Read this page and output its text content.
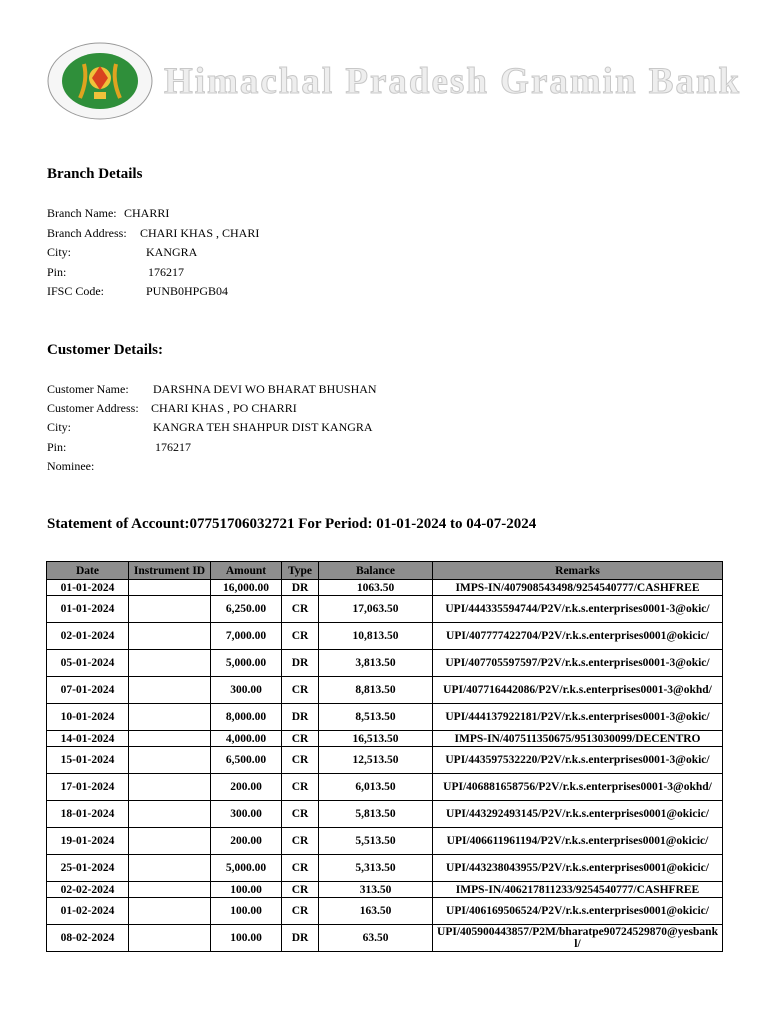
Himachal Pradesh Gramin Bank
Branch Details
Branch Name: CHARRI
Branch Address: CHARI KHAS , CHARI
City:	KANGRA
Pin:	176217
IFSC Code:	PUNB0HPGB04
Customer Details:
Customer Name: DARSHNA DEVI WO BHARAT BHUSHAN
Customer Address: CHARI KHAS , PO CHARRI
City:	KANGRA TEH SHAHPUR DIST KANGRA
Pin:	176217
Nominee:
Statement of Account:07751706032721 For Period: 01-01-2024 to 04-07-2024
Date	Instrument ID	Amount	Type	Balance	Remarks
01-01-2024		16,000.00	DR	1063.50	IMPS-IN/407908543498/9254540777/CASHFREE
01-01-2024		6,250.00	CR	17,063.50	UPI/444335594744/P2V/r.k.s.enterprises0001-3@okic/
02-01-2024		7,000.00	CR	10,813.50	UPI/407777422704/P2V/r.k.s.enterprises0001@okicic/
05-01-2024		5,000.00	DR	3,813.50	UPI/407705597597/P2V/r.k.s.enterprises0001-3@okic/
07-01-2024		300.00	CR	8,813.50	UPI/407716442086/P2V/r.k.s.enterprises0001-3@okhd/
10-01-2024		8,000.00	DR	8,513.50	UPI/444137922181/P2V/r.k.s.enterprises0001-3@okic/
14-01-2024		4,000.00	CR	16,513.50	IMPS-IN/407511350675/9513030099/DECENTRO
15-01-2024		6,500.00	CR	12,513.50	UPI/443597532220/P2V/r.k.s.enterprises0001-3@okic/
17-01-2024		200.00	CR	6,013.50	UPI/406881658756/P2V/r.k.s.enterprises0001-3@okhd/
18-01-2024		300.00	CR	5,813.50	UPI/443292493145/P2V/r.k.s.enterprises0001@okicic/
19-01-2024		200.00	CR	5,513.50	UPI/406611961194/P2V/r.k.s.enterprises0001@okicic/
25-01-2024		5,000.00	CR	5,313.50	UPI/443238043955/P2V/r.k.s.enterprises0001@okicic/
02-02-2024		100.00	CR	313.50	IMPS-IN/406217811233/9254540777/CASHFREE
01-02-2024		100.00	CR	163.50	UPI/406169506524/P2V/r.k.s.enterprises0001@okicic/
08-02-2024		100.00	DR	63.50	UPI/405900443857/P2M/bharatpe90724529870@yesbankl/
